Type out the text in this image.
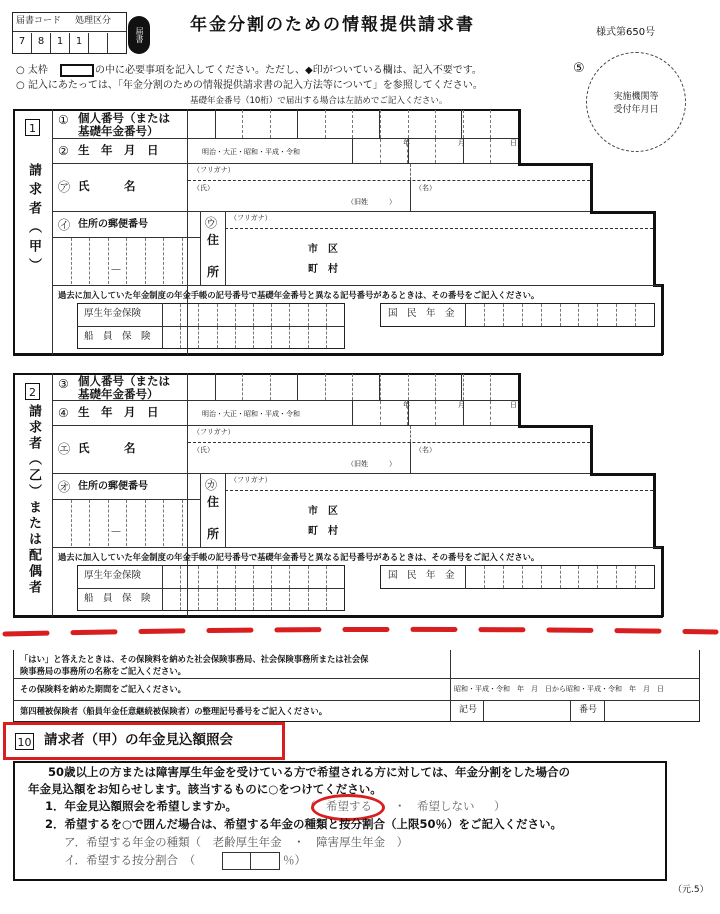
届書コード 処理区分
7	8	1	1	届書	年金分割のための情報提供請求書	様式第650号
⑤
実施機関等
受付年月日
○ 太枠	の中に必要事項を記入してください。ただし、◆印がついている欄は、記入不要です。
○ 記入にあたっては、「年金分割のための情報提供請求書の記入方法等について」を参照してください。
基礎年金番号（10桁）で届出する場合は左詰めでご記入ください。
1
請求者（甲）
① 個人番号（または
基礎年金番号）
② 生　年　月　日	明治・大正・昭和・平成・令和
年	月	日
㋐ 氏　　　名
（フリガナ）
（氏）	（名）
（旧姓　　　）
㋑ 住所の郵便番号
－
㋒
住
所
（フリガナ）
市　区
町　村
過去に加入していた年金制度の年金手帳の記号番号で基礎年金番号と異なる記号番号があるときは、その番号をご記入ください。
厚生年金保険
船　員　保　険
国　民　年　金
2
請求者（乙）または配偶者
③ 個人番号（または
基礎年金番号）
④ 生　年　月　日	明治・大正・昭和・平成・令和
年	月	日
㋓ 氏　　　名
（フリガナ）
（氏）	（名）
（旧姓　　　）
㋔ 住所の郵便番号
－
㋕
住
所
（フリガナ）
市　区
町　村
過去に加入していた年金制度の年金手帳の記号番号で基礎年金番号と異なる記号番号があるときは、その番号をご記入ください。
厚生年金保険
船　員　保　険
国　民　年　金
「はい」と答えたときは、その保険料を納めた社会保険事務局、社会保険事務所または社会保
険事務局の事務所の名称をご記入ください。
その保険料を納めた期間をご記入ください。	昭和・平成・令和　年　月　日から昭和・平成・令和　年　月　日
第四種被保険者（船員年金任意継続被保険者）の整理記号番号をご記入ください。	記号	番号
10 請求者（甲）の年金見込額照会
50歳以上の方または障害厚生年金を受けている方で希望される方に対しては、年金分割をした場合の
年金見込額をお知らせします。該当するものに○をつけてください。
1．年金見込額照会を希望しますか。	（ 希望する ・ 希望しない ）
2．希望するを○で囲んだ場合は、希望する年金の種類と按分割合（上限50％）をご記入ください。
ア．希望する年金の種類（　老齢厚生年金　・　障害厚生年金　）
イ．希望する按分割合　（	％）
（元.5）
